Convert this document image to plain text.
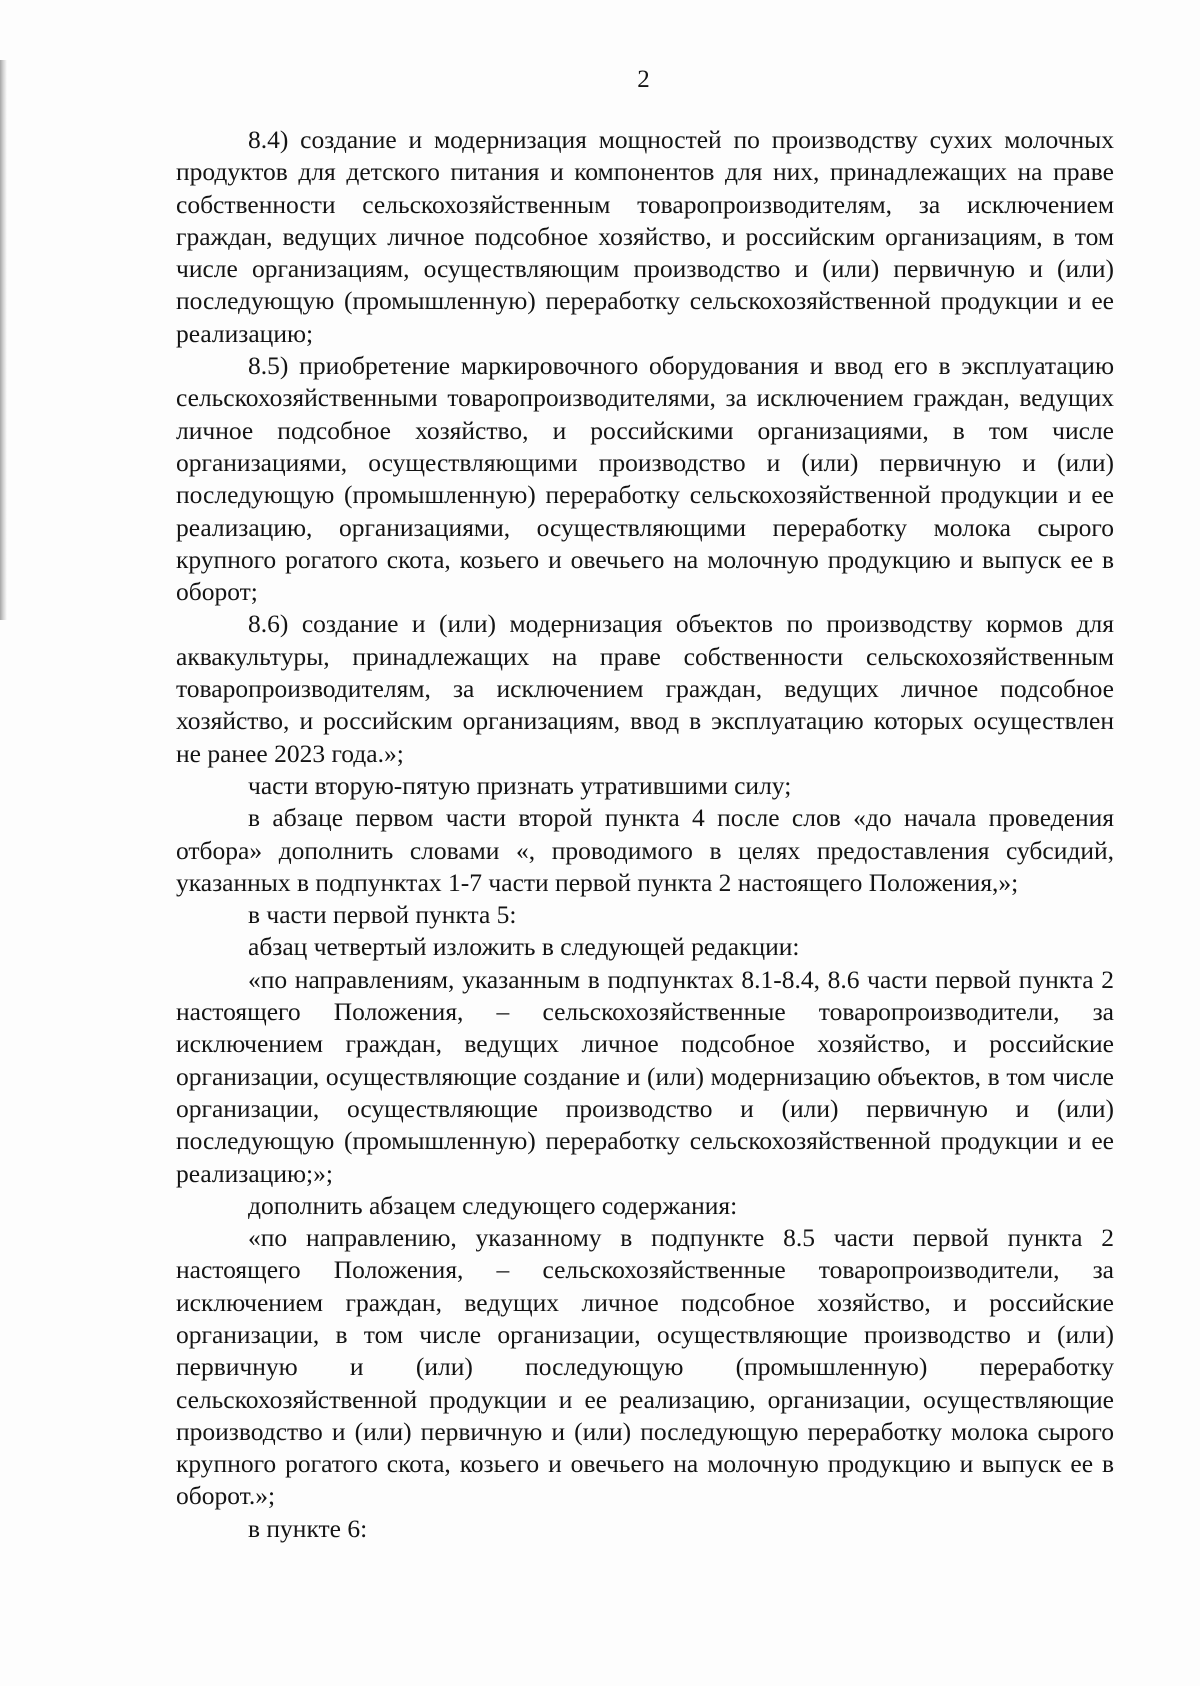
2

8.4) создание и модернизация мощностей по производству сухих молочных продуктов для детского питания и компонентов для них, принадлежащих на праве собственности сельскохозяйственным товаропроизводителям, за исключением граждан, ведущих личное подсобное хозяйство, и российским организациям, в том числе организациям, осуществляющим производство и (или) первичную и (или) последующую (промышленную) переработку сельскохозяйственной продукции и ее реализацию;

8.5) приобретение маркировочного оборудования и ввод его в эксплуатацию сельскохозяйственными товаропроизводителями, за исключением граждан, ведущих личное подсобное хозяйство, и российскими организациями, в том числе организациями, осуществляющими производство и (или) первичную и (или) последующую (промышленную) переработку сельскохозяйственной продукции и ее реализацию, организациями, осуществляющими переработку молока сырого крупного рогатого скота, козьего и овечьего на молочную продукцию и выпуск ее в оборот;

8.6) создание и (или) модернизация объектов по производству кормов для аквакультуры, принадлежащих на праве собственности сельскохозяйственным товаропроизводителям, за исключением граждан, ведущих личное подсобное хозяйство, и российским организациям, ввод в эксплуатацию которых осуществлен не ранее 2023 года.»;

части вторую-пятую признать утратившими силу;

в абзаце первом части второй пункта 4 после слов «до начала проведения отбора» дополнить словами «, проводимого в целях предоставления субсидий, указанных в подпунктах 1-7 части первой пункта 2 настоящего Положения,»;

в части первой пункта 5:

абзац четвертый изложить в следующей редакции:

«по направлениям, указанным в подпунктах 8.1-8.4, 8.6 части первой пункта 2 настоящего Положения, – сельскохозяйственные товаропроизводители, за исключением граждан, ведущих личное подсобное хозяйство, и российские организации, осуществляющие создание и (или) модернизацию объектов, в том числе организации, осуществляющие производство и (или) первичную и (или) последующую (промышленную) переработку сельскохозяйственной продукции и ее реализацию;»;

дополнить абзацем следующего содержания:

«по направлению, указанному в подпункте 8.5 части первой пункта 2 настоящего Положения, – сельскохозяйственные товаропроизводители, за исключением граждан, ведущих личное подсобное хозяйство, и российские организации, в том числе организации, осуществляющие производство и (или) первичную и (или) последующую (промышленную) переработку сельскохозяйственной продукции и ее реализацию, организации, осуществляющие производство и (или) первичную и (или) последующую переработку молока сырого крупного рогатого скота, козьего и овечьего на молочную продукцию и выпуск ее в оборот.»;

в пункте 6:
